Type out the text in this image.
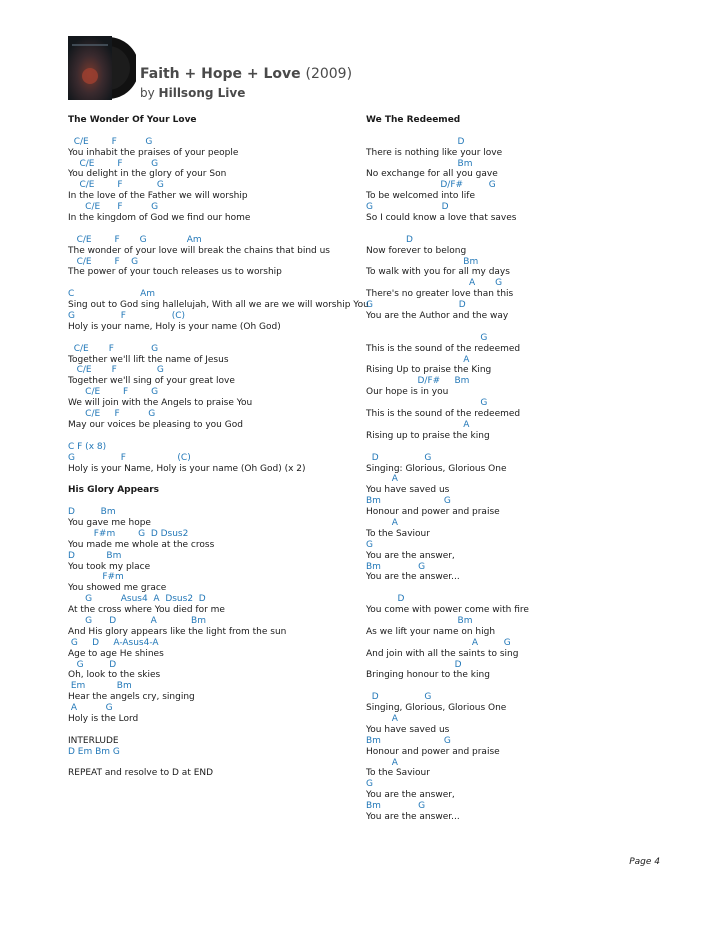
Faith + Hope + Love (2009)
by Hillsong Live
The Wonder Of Your Love
C/E        F          G
You inhabit the praises of your people
C/E        F          G
You delight in the glory of your Son
C/E        F            G
In the love of the Father we will worship
C/E      F          G
In the kingdom of God we find our home
C/E        F       G              Am
The wonder of your love will break the chains that bind us
C/E        F    G
The power of your touch releases us to worship
C                       Am
Sing out to God sing hallelujah, With all we are we will worship You
G                F                (C)
Holy is your name, Holy is your name (Oh God)
C/E       F             G
Together we'll lift the name of Jesus
C/E       F              G
Together we'll sing of your great love
C/E        F        G
We will join with the Angels to praise You
C/E     F          G
May our voices be pleasing to you God
C F (x 8)
G                F                  (C)
Holy is your Name, Holy is your name (Oh God) (x 2)
His Glory Appears
D         Bm
You gave me hope
F#m        G  D Dsus2
You made me whole at the cross
D           Bm
You took my place
F#m
You showed me grace
G          Asus4  A  Dsus2  D
At the cross where You died for me
G      D            A            Bm
And His glory appears like the light from the sun
G     D     A-Asus4-A
Age to age He shines
G         D
Oh, look to the skies
Em           Bm
Hear the angels cry, singing
A          G
Holy is the Lord
INTERLUDE
D Em Bm G
REPEAT and resolve to D at END
We The Redeemed
D
There is nothing like your love
Bm
No exchange for all you gave
D/F#         G
To be welcomed into life
G                        D
So I could know a love that saves
D
Now forever to belong
Bm
To walk with you for all my days
A       G
There's no greater love than this
G                              D
You are the Author and the way
G
This is the sound of the redeemed
A
Rising Up to praise the King
D/F#     Bm
Our hope is in you
G
This is the sound of the redeemed
A
Rising up to praise the king
D                G
Singing: Glorious, Glorious One
A
You have saved us
Bm                      G
Honour and power and praise
A
To the Saviour
G
You are the answer,
Bm             G
You are the answer...
D
You come with power come with fire
Bm
As we lift your name on high
A         G
And join with all the saints to sing
D
Bringing honour to the king
D                G
Singing, Glorious, Glorious One
A
You have saved us
Bm                      G
Honour and power and praise
A
To the Saviour
G
You are the answer,
Bm             G
You are the answer...
Page 4
